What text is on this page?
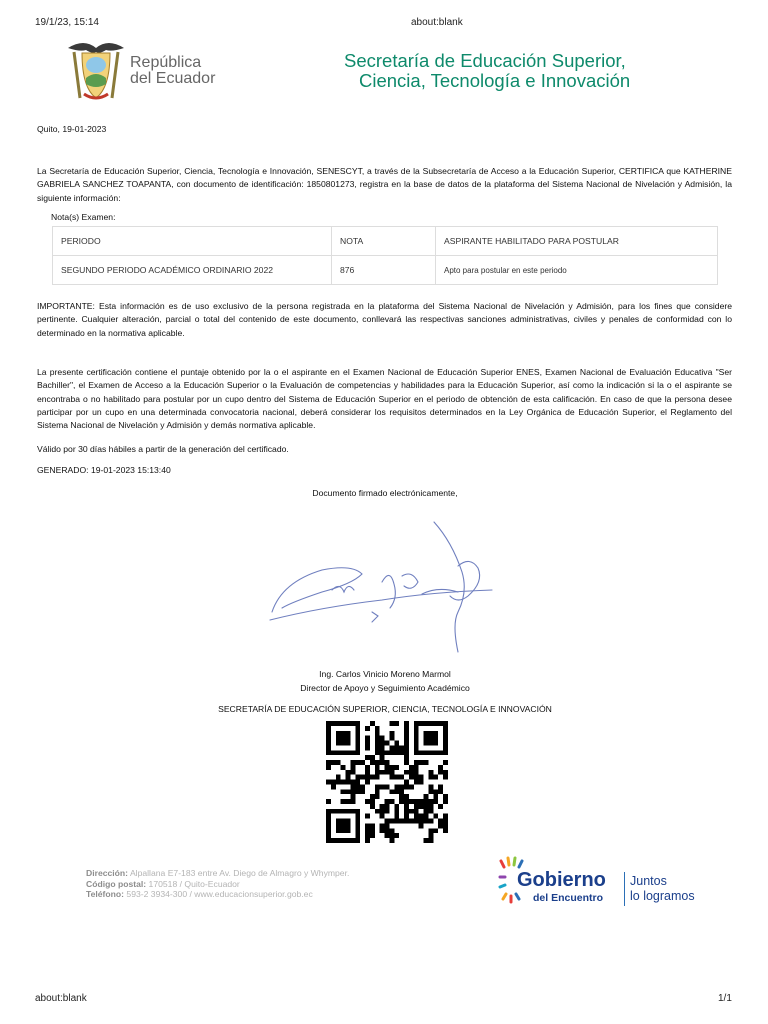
19/1/23, 15:14	about:blank
República
del Ecuador
Secretaría de Educación Superior,
Ciencia, Tecnología e Innovación
Quito, 19-01-2023
La Secretaría de Educación Superior, Ciencia, Tecnología e Innovación, SENESCYT, a través de la Subsecretaría de Acceso a la Educación Superior, CERTIFICA que KATHERINE GABRIELA SANCHEZ TOAPANTA, con documento de identificación: 1850801273, registra en la base de datos de la plataforma del Sistema Nacional de Nivelación y Admisión, la siguiente información:
Nota(s) Examen:
PERIODO	NOTA	ASPIRANTE HABILITADO PARA POSTULAR
SEGUNDO PERIODO ACADÉMICO ORDINARIO 2022	876	Apto para postular en este periodo
IMPORTANTE: Esta información es de uso exclusivo de la persona registrada en la plataforma del Sistema Nacional de Nivelación y Admisión, para los fines que considere pertinente. Cualquier alteración, parcial o total del contenido de este documento, conllevará las respectivas sanciones administrativas, civiles y penales de conformidad con lo determinado en la normativa aplicable.
La presente certificación contiene el puntaje obtenido por la o el aspirante en el Examen Nacional de Educación Superior ENES, Examen Nacional de Evaluación Educativa "Ser Bachiller", el Examen de Acceso a la Educación Superior o la Evaluación de competencias y habilidades para la Educación Superior, así como la indicación si la o el aspirante se encontraba o no habilitado para postular por un cupo dentro del Sistema de Educación Superior en el periodo de obtención de esta calificación. En caso de que la persona desee participar por un cupo en una determinada convocatoria nacional, deberá considerar los requisitos determinados en la Ley Orgánica de Educación Superior, el Reglamento del Sistema Nacional de Nivelación y Admisión y demás normativa aplicable.
Válido por 30 días hábiles a partir de la generación del certificado.
GENERADO: 19-01-2023 15:13:40
Documento firmado electrónicamente,
Ing. Carlos Vinicio Moreno Marmol
Director de Apoyo y Seguimiento Académico
SECRETARÍA DE EDUCACIÓN SUPERIOR, CIENCIA, TECNOLOGÍA E INNOVACIÓN
Dirección: Alpallana E7-183 entre Av. Diego de Almagro y Whymper.
Código postal: 170518 / Quito-Ecuador
Teléfono: 593-2 3934-300 / www.educacionsuperior.gob.ec
Gobierno
del Encuentro
Juntos
lo logramos
about:blank	1/1
